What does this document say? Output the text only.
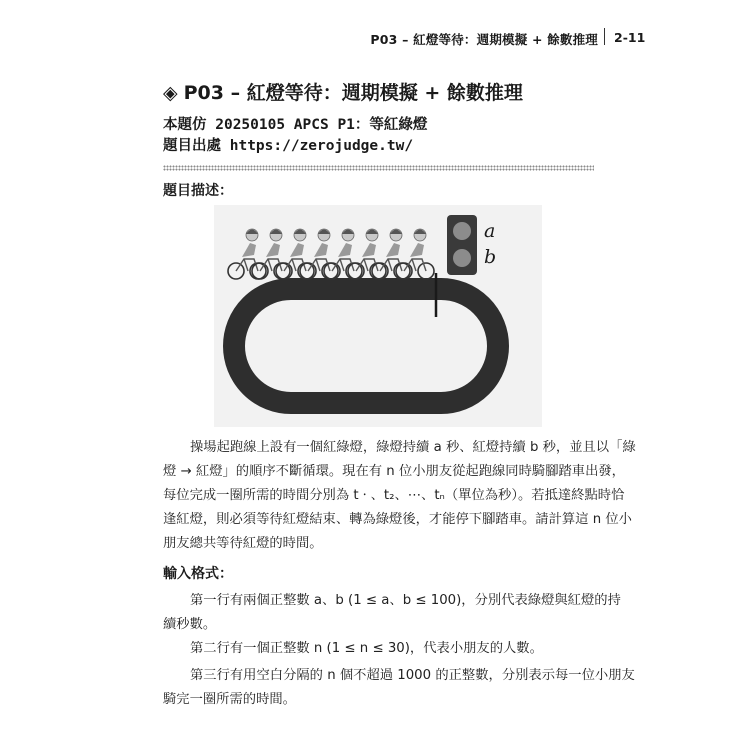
P03 – 紅燈等待：週期模擬 + 餘數推理 2-11
◈ P03 – 紅燈等待：週期模擬 + 餘數推理
本題仿 20250105 APCS P1：等紅綠燈
題目出處 https://zerojudge.tw/
題目描述：
a
b
操場起跑線上設有一個紅綠燈，綠燈持續 a 秒、紅燈持續 b 秒，並且以「綠
燈 → 紅燈」的順序不斷循環。現在有 n 位小朋友從起跑線同時騎腳踏車出發，
每位完成一圈所需的時間分別為 t ⸱ 、t₂、⋯、tₙ（單位為秒）。若抵達終點時恰
逢紅燈，則必須等待紅燈結束、轉為綠燈後，才能停下腳踏車。請計算這 n 位小
朋友總共等待紅燈的時間。
輸入格式：
第一行有兩個正整數 a、b (1 ≤ a、b ≤ 100)，分別代表綠燈與紅燈的持
續秒數。
第二行有一個正整數 n (1 ≤ n ≤ 30)，代表小朋友的人數。
第三行有用空白分隔的 n 個不超過 1000 的正整數，分別表示每一位小朋友
騎完一圈所需的時間。
